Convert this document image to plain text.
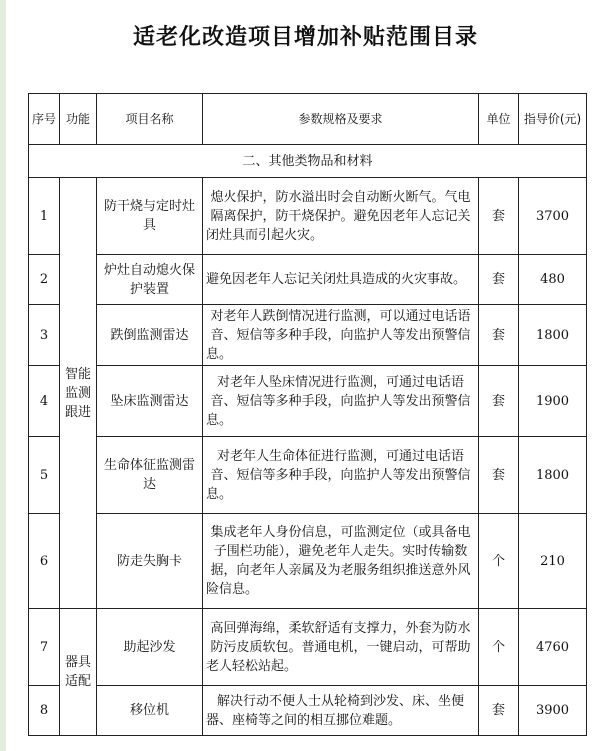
适老化改造项目增加补贴范围目录
序号	功能	项目名称	参数规格及要求	单位	指导价(元)
二、其他类物品和材料					
1	智能监测跟进	防干烧与定时灶具	熄火保护，防水溢出时会自动断火断气。气电隔离保护，防干烧保护。避免因老年人忘记关闭灶具而引起火灾。	套	3700
2		炉灶自动熄火保护装置	避免因老年人忘记关闭灶具造成的火灾事故。	套	480
3		跌倒监测雷达	对老年人跌倒情况进行监测，可以通过电话语音、短信等多种手段，向监护人等发出预警信息。	套	1800
4		坠床监测雷达	对老年人坠床情况进行监测，可通过电话语音、短信等多种手段，向监护人等发出预警信息。	套	1900
5		生命体征监测雷达	对老年人生命体征进行监测，可通过电话语音、短信等多种手段，向监护人等发出预警信息。	套	1800
6		防走失胸卡	集成老年人身份信息，可监测定位（或具备电子围栏功能），避免老年人走失。实时传输数据，向老年人亲属及为老服务组织推送意外风险信息。	个	210
7	器具适配	助起沙发	高回弹海绵，柔软舒适有支撑力，外套为防水防污皮质软包。普通电机，一键启动，可帮助老人轻松站起。	个	4760
8		移位机	解决行动不便人士从轮椅到沙发、床、坐便器、座椅等之间的相互挪位难题。	套	3900
